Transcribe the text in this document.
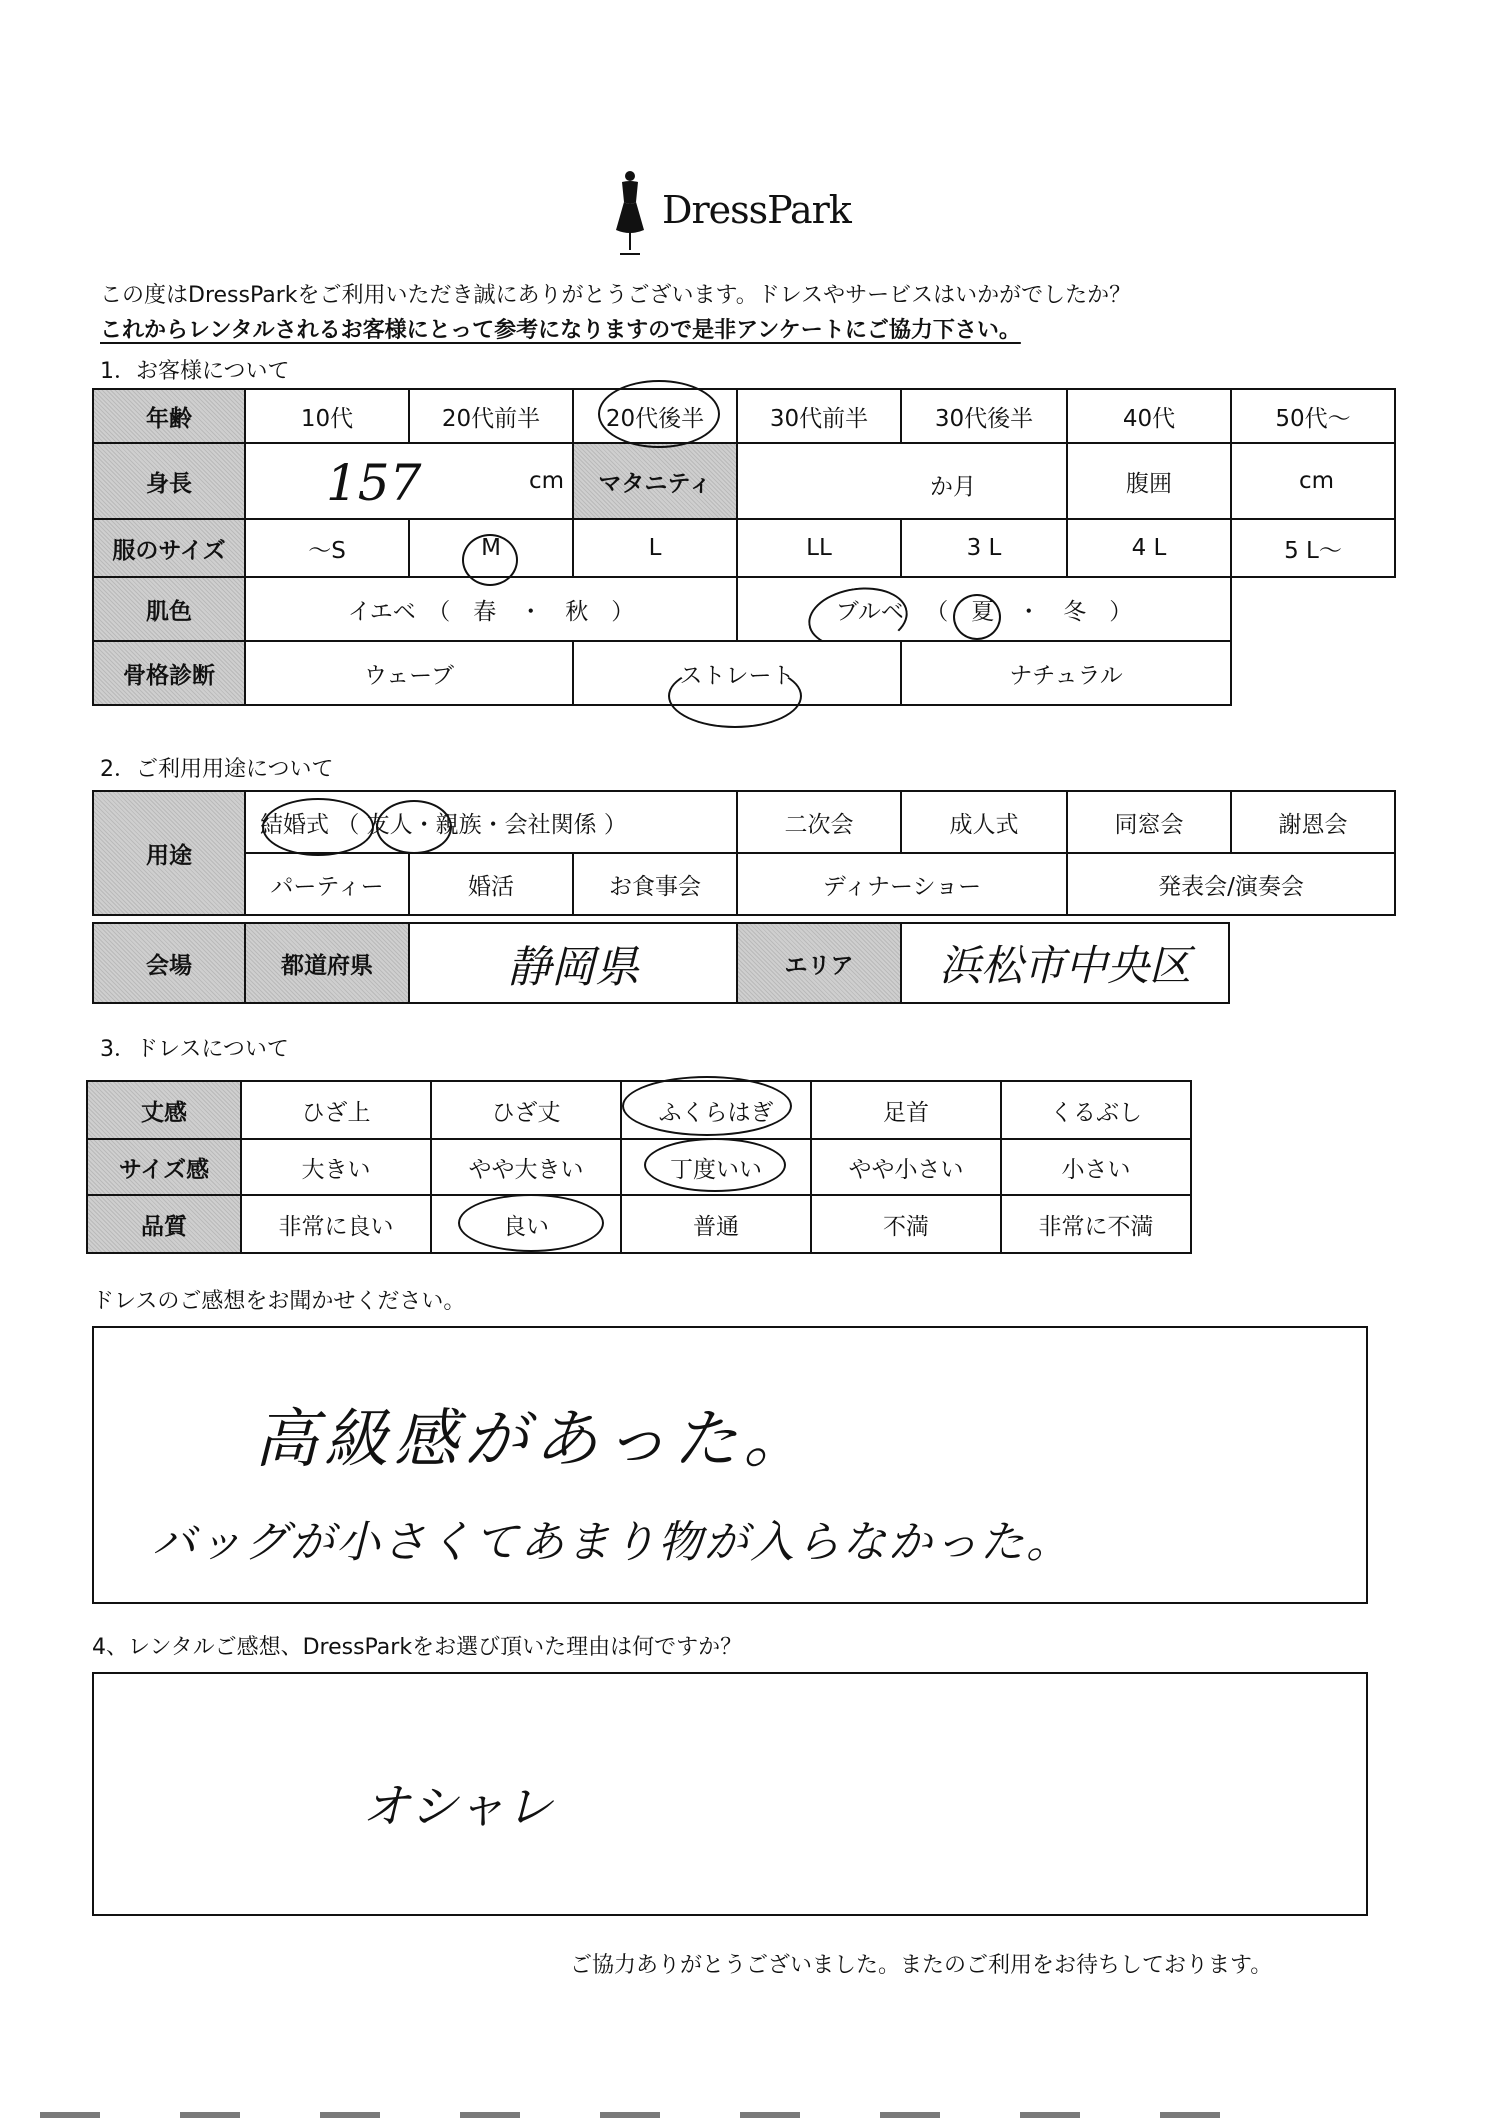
DressPark
この度はDressParkをご利用いただき誠にありがとうございます。ドレスやサービスはいかがでしたか？
これからレンタルされるお客様にとって参考になりますので是非アンケートにご協力下さい。
1．お客様について
年齢	10代	20代前半	20代後半	30代前半	30代後半	40代	50代～
身長	157 cm		マタニティ	か月		腹囲	cm

服のサイズ	～S	M	L	LL	3 L	4 L	5 L～
肌色	イエベ　（　春　・　秋　）			ブルベ （　夏　・　冬　）			
骨格診断	ウェーブ		ストレート		ナチュラル		
2．ご利用用途について
用途	結婚式 （ 友人・親族・会社関係 ）			二次会	成人式	同窓会	謝恩会
	パーティー	婚活	お食事会	ディナーショー		発表会/演奏会	
会場	都道府県	静岡県	エリア	浜松市中央区
3．ドレスについて
丈感	ひざ上	ひざ丈	ふくらはぎ	足首	くるぶし
サイズ感	大きい	やや大きい	丁度いい	やや小さい	小さい
品質	非常に良い	良い	普通	不満	非常に不満
ドレスのご感想をお聞かせください。
高級感があった。
バッグが小さくてあまり物が入らなかった。
4、レンタルご感想、DressParkをお選び頂いた理由は何ですか？
オシャレ
ご協力ありがとうございました。またのご利用をお待ちしております。
